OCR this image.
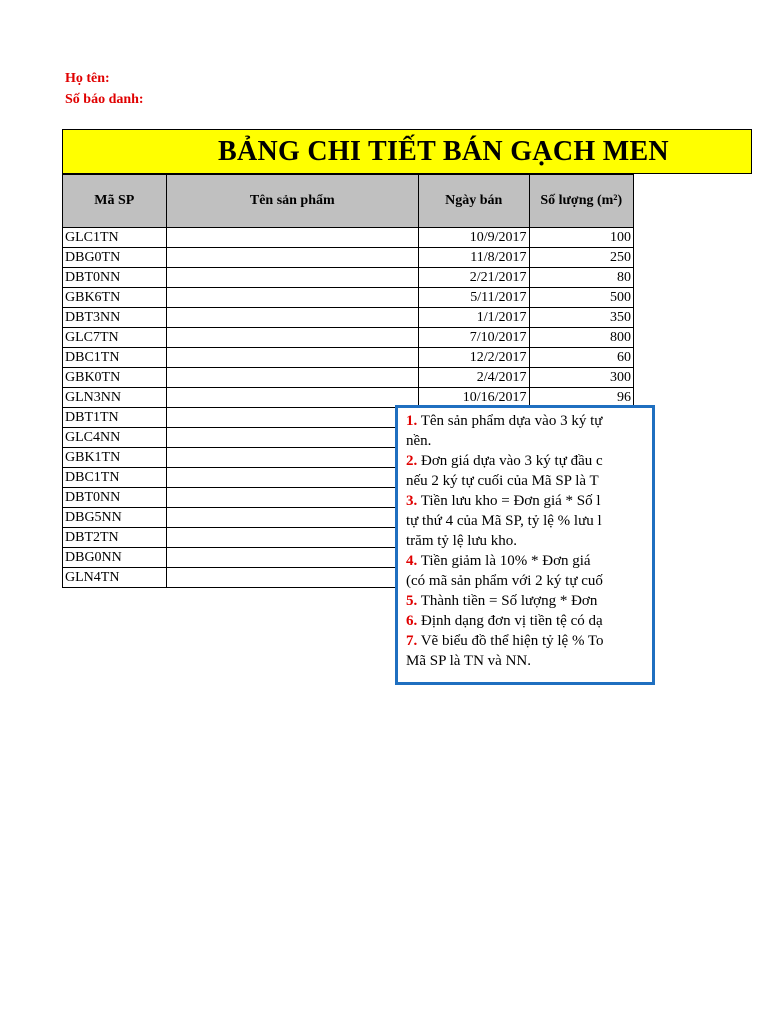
Họ tên:
Số báo danh:
BẢNG CHI TIẾT BÁN GẠCH MEN
Mã SP	Tên sản phẩm	Ngày bán	Số lượng (m²)
GLC1TN		10/9/2017	100
DBG0TN		11/8/2017	250
DBT0NN		2/21/2017	80
GBK6TN		5/11/2017	500
DBT3NN		1/1/2017	350
GLC7TN		7/10/2017	800
DBC1TN		12/2/2017	60
GBK0TN		2/4/2017	300
GLN3NN		10/16/2017	96
DBT1TN			
GLC4NN			
GBK1TN			
DBC1TN			
DBT0NN			
DBG5NN			
DBT2TN			
DBG0NN			
GLN4TN			
1. Tên sản phẩm dựa vào 3 ký tự
nền.
2. Đơn giá dựa vào 3 ký tự đầu c
nếu 2 ký tự cuối của Mã SP là T
3. Tiền lưu kho = Đơn giá * Số l
tự thứ 4 của Mã SP, tỷ lệ % lưu l
trăm tỷ lệ lưu kho.
4. Tiền giảm là 10% * Đơn giá
(có mã sản phẩm với 2 ký tự cuố
5. Thành tiền = Số lượng * Đơn
6. Định dạng đơn vị tiền tệ có dạ
7. Vẽ biểu đồ thể hiện tỷ lệ % To
Mã SP là TN và NN.
